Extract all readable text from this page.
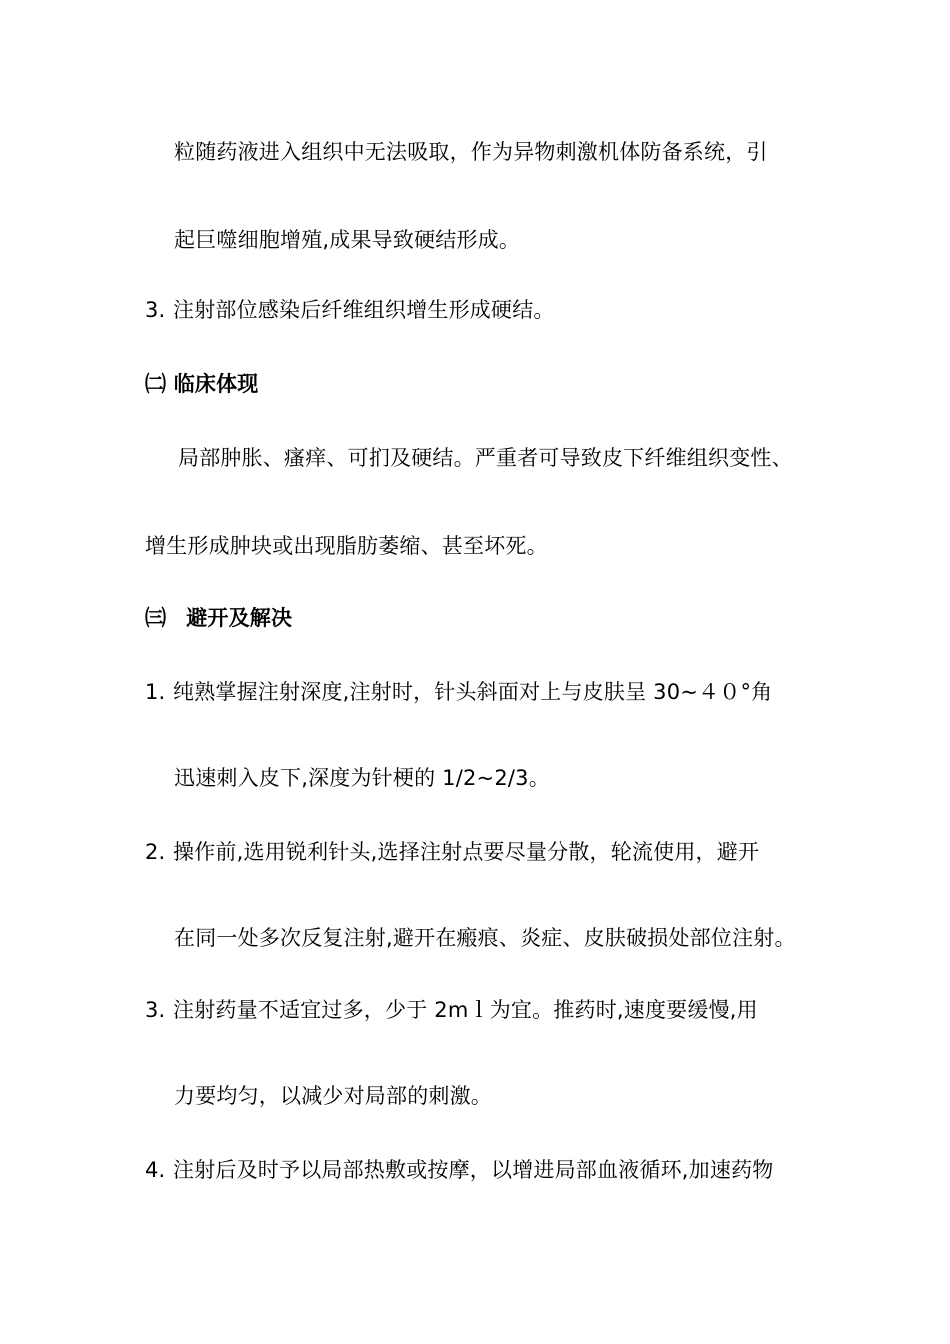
粒随药液进入组织中无法吸取，作为异物刺激机体防备系统，引
起巨噬细胞增殖,成果导致硬结形成。
3. 注射部位感染后纤维组织增生形成硬结。
㈡ 临床体现
局部肿胀、瘙痒、可扪及硬结。严重者可导致皮下纤维组织变性、
增生形成肿块或出现脂肪萎缩、甚至坏死。
㈢ 避开及解决
1. 纯熟掌握注射深度,注射时，针头斜面对上与皮肤呈 30~４０°角
迅速刺入皮下,深度为针梗的 1/2~2/3。
2. 操作前,选用锐利针头,选择注射点要尽量分散，轮流使用，避开
在同一处多次反复注射,避开在瘢痕、炎症、皮肤破损处部位注射。
3. 注射药量不适宜过多，少于 2mｌ为宜。推药时,速度要缓慢,用
力要均匀，以减少对局部的刺激。
4. 注射后及时予以局部热敷或按摩，以增进局部血液循环,加速药物
